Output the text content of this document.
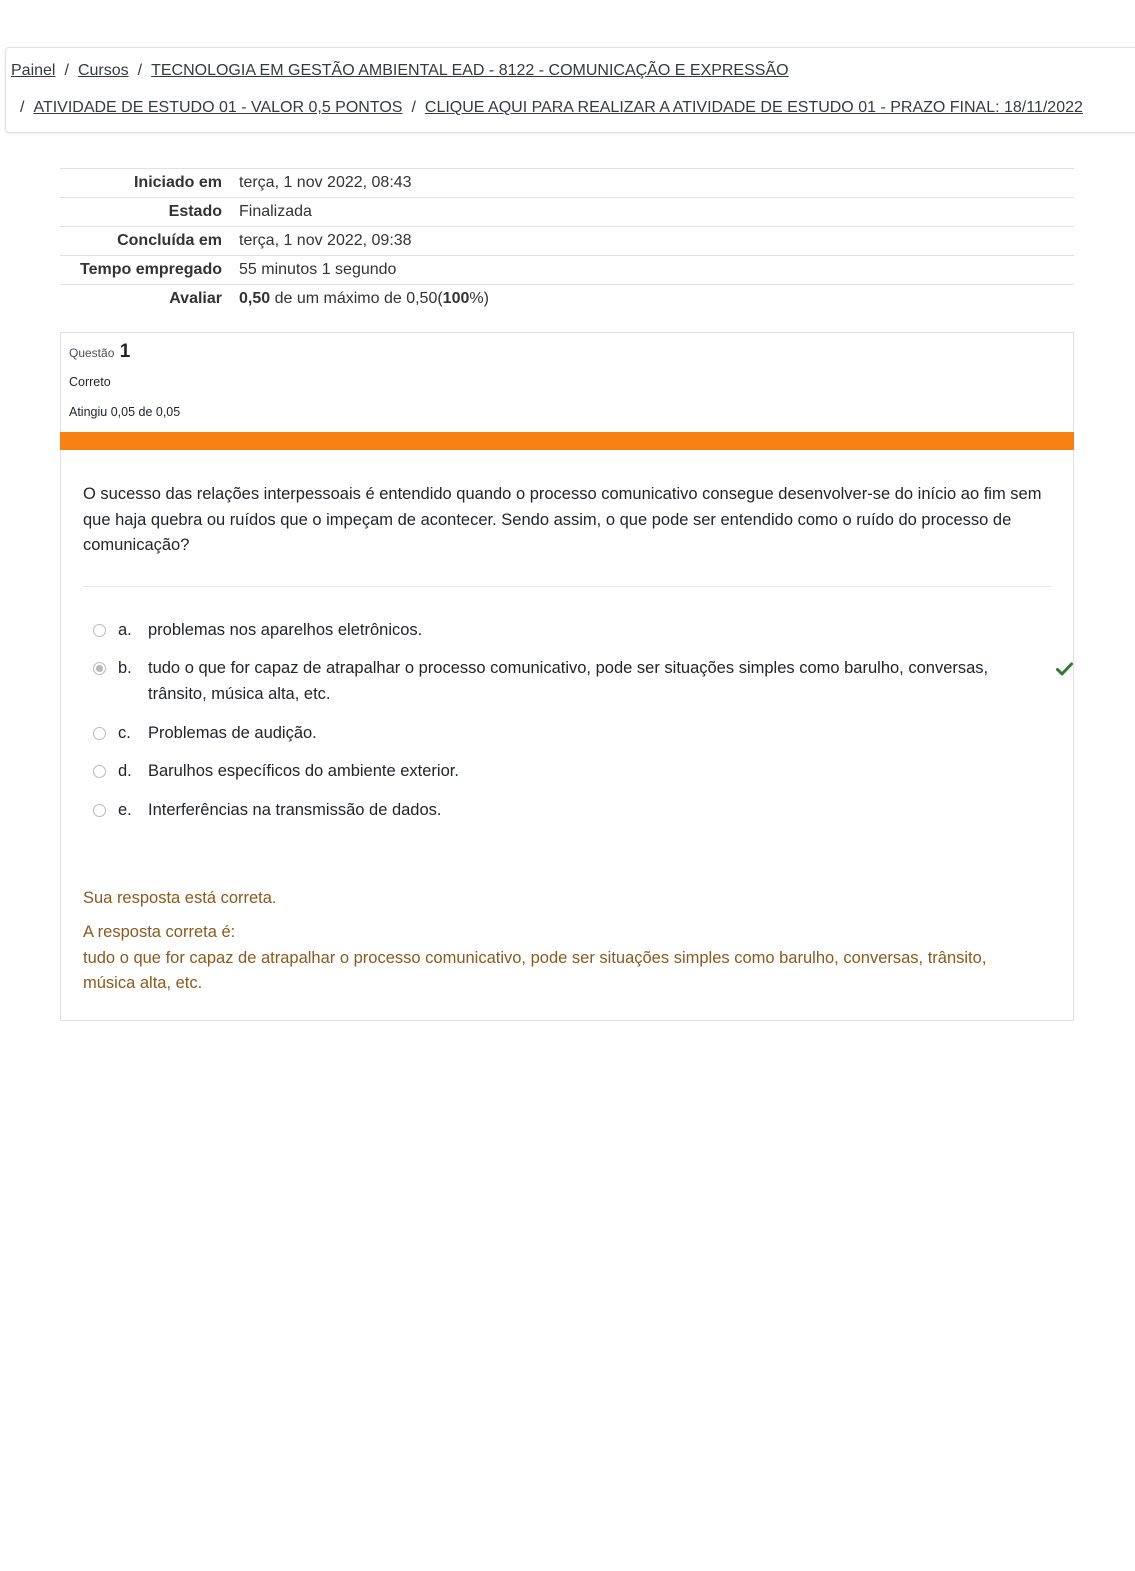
Painel / Cursos / TECNOLOGIA EM GESTÃO AMBIENTAL EAD - 8122 - COMUNICAÇÃO E EXPRESSÃO
/ ATIVIDADE DE ESTUDO 01 - VALOR 0,5 PONTOS / CLIQUE AQUI PARA REALIZAR A ATIVIDADE DE ESTUDO 01 - PRAZO FINAL: 18/11/2022
Iniciado em	terça, 1 nov 2022, 08:43
Estado	Finalizada
Concluída em	terça, 1 nov 2022, 09:38
Tempo empregado	55 minutos 1 segundo
Avaliar	0,50 de um máximo de 0,50(100%)
Questão 1
Correto
Atingiu 0,05 de 0,05
O sucesso das relações interpessoais é entendido quando o processo comunicativo consegue desenvolver-se do início ao fim sem que haja quebra ou ruídos que o impeçam de acontecer. Sendo assim, o que pode ser entendido como o ruído do processo de comunicação?
a. problemas nos aparelhos eletrônicos.
b. tudo o que for capaz de atrapalhar o processo comunicativo, pode ser situações simples como barulho, conversas, trânsito, música alta, etc.
c.	Problemas de audição.
d. Barulhos específicos do ambiente exterior.
e. Interferências na transmissão de dados.
Sua resposta está correta.
A resposta correta é:
tudo o que for capaz de atrapalhar o processo comunicativo, pode ser situações simples como barulho, conversas, trânsito, música alta, etc.
